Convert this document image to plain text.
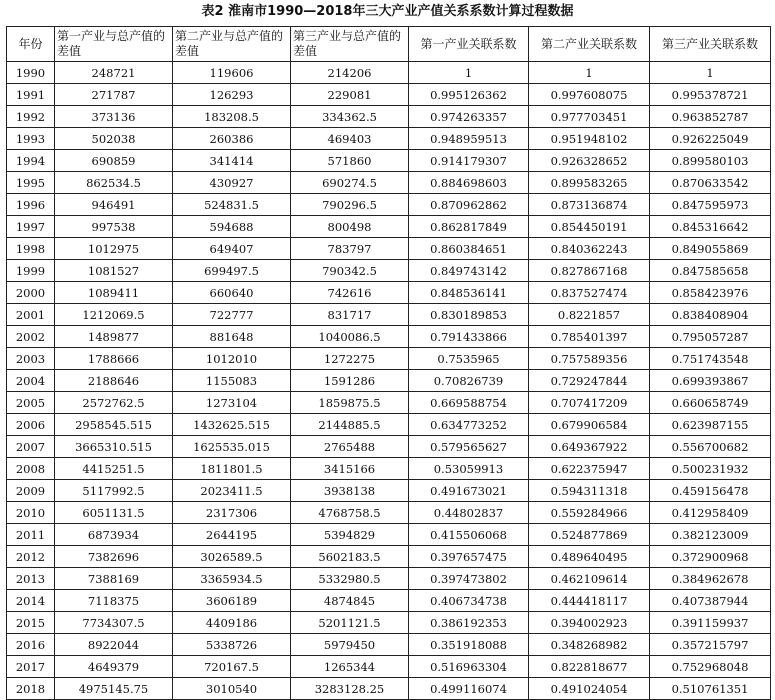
表2 淮南市1990—2018年三大产业产值关系系数计算过程数据
年份	第一产业与总产值的差值	第二产业与总产值的差值	第三产业与总产值的差值	第一产业关联系数	第二产业关联系数	第三产业关联系数
1990	248721	119606	214206	1	1	1
1991	271787	126293	229081	0.995126362	0.997608075	0.995378721
1992	373136	183208.5	334362.5	0.974263357	0.977703451	0.963852787
1993	502038	260386	469403	0.948959513	0.951948102	0.926225049
1994	690859	341414	571860	0.914179307	0.926328652	0.899580103
1995	862534.5	430927	690274.5	0.884698603	0.899583265	0.870633542
1996	946491	524831.5	790296.5	0.870962862	0.873136874	0.847595973
1997	997538	594688	800498	0.862817849	0.854450191	0.845316642
1998	1012975	649407	783797	0.860384651	0.840362243	0.849055869
1999	1081527	699497.5	790342.5	0.849743142	0.827867168	0.847585658
2000	1089411	660640	742616	0.848536141	0.837527474	0.858423976
2001	1212069.5	722777	831717	0.830189853	0.8221857	0.838408904
2002	1489877	881648	1040086.5	0.791433866	0.785401397	0.795057287
2003	1788666	1012010	1272275	0.7535965	0.757589356	0.751743548
2004	2188646	1155083	1591286	0.70826739	0.729247844	0.699393867
2005	2572762.5	1273104	1859875.5	0.669588754	0.707417209	0.660658749
2006	2958545.515	1432625.515	2144885.5	0.634773252	0.679906584	0.623987155
2007	3665310.515	1625535.015	2765488	0.579565627	0.649367922	0.556700682
2008	4415251.5	1811801.5	3415166	0.53059913	0.622375947	0.500231932
2009	5117992.5	2023411.5	3938138	0.491673021	0.594311318	0.459156478
2010	6051131.5	2317306	4768758.5	0.44802837	0.559284966	0.412958409
2011	6873934	2644195	5394829	0.415506068	0.524877869	0.382123009
2012	7382696	3026589.5	5602183.5	0.397657475	0.489640495	0.372900968
2013	7388169	3365934.5	5332980.5	0.397473802	0.462109614	0.384962678
2014	7118375	3606189	4874845	0.406734738	0.444418117	0.407387944
2015	7734307.5	4409186	5201121.5	0.386192353	0.394002923	0.391159937
2016	8922044	5338726	5979450	0.351918088	0.348268982	0.357215797
2017	4649379	720167.5	1265344	0.516963304	0.822818677	0.752968048
2018	4975145.75	3010540	3283128.25	0.499116074	0.491024054	0.510761351
